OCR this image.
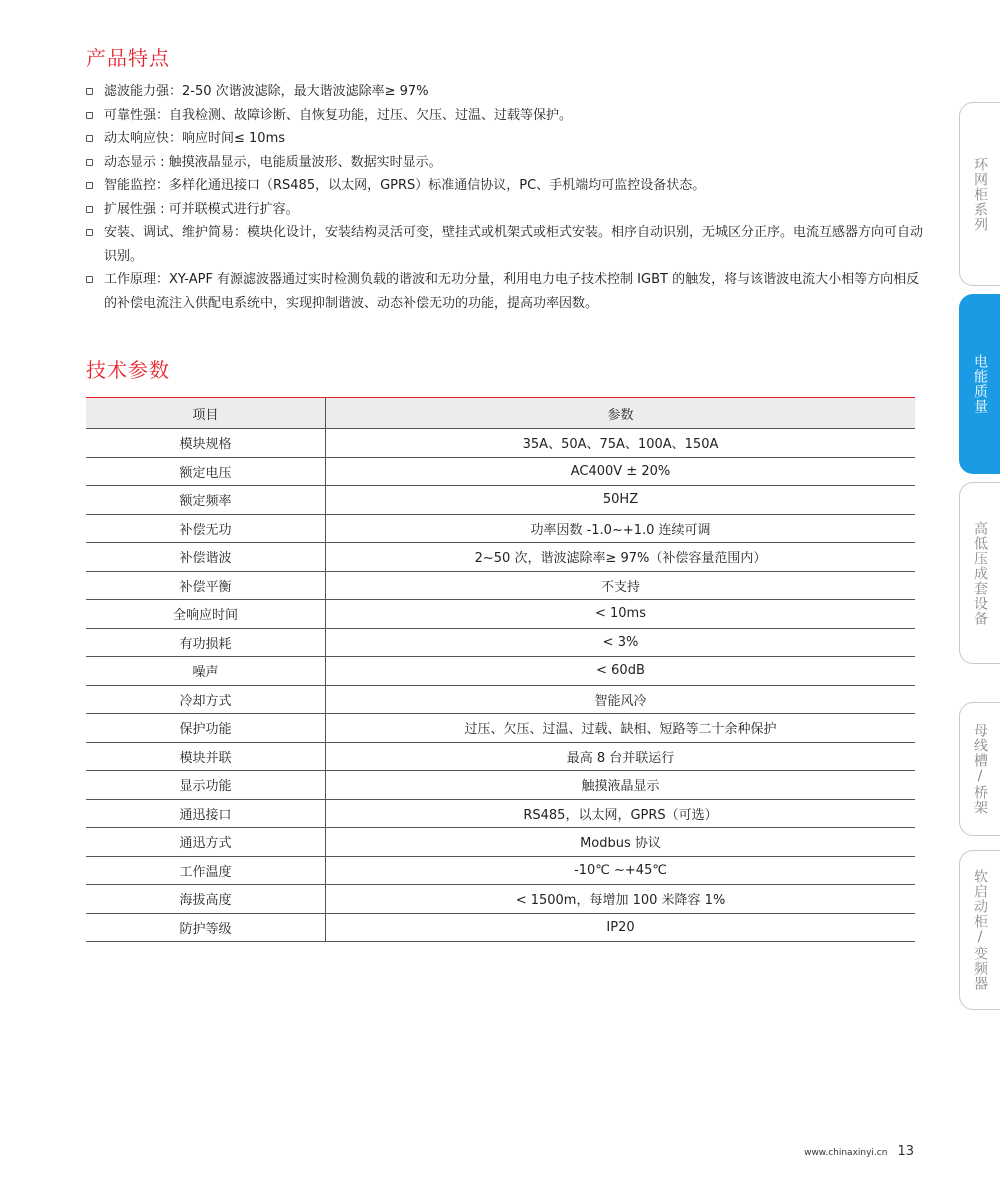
产品特点
滤波能力强：2-50 次谐波滤除，最大谐波滤除率≥ 97%
可靠性强：自我检测、故障诊断、自恢复功能，过压、欠压、过温、过载等保护。
动太响应快：响应时间≤ 10ms
动态显示 : 触摸液晶显示，电能质量波形、数据实时显示。
智能监控：多样化通迅接口（RS485，以太网，GPRS）标准通信协议，PC、手机端均可监控设备状态。
扩展性强 : 可并联模式进行扩容。
安装、调试、维护简易：模块化设计，安装结构灵活可变，壁挂式或机架式或柜式安装。相序自动识别，无城区分正序。电流互感器方向可自动识别。
工作原理：XY-APF 有源滤波器通过实时检测负载的谐波和无功分量，利用电力电子技术控制 IGBT 的触发，将与该谐波电流大小相等方向相反的补偿电流注入供配电系统中，实现抑制谐波、动态补偿无功的功能，提高功率因数。
技术参数
项目	参数
模块规格	35A、50A、75A、100A、150A
额定电压	AC400V ± 20%
额定频率	50HZ
补偿无功	功率因数 -1.0~+1.0 连续可调
补偿谐波	2~50 次，谐波滤除率≥ 97%（补偿容量范围内）
补偿平衡	不支持
全响应时间	< 10ms
有功损耗	< 3%
噪声	< 60dB
冷却方式	智能风冷
保护功能	过压、欠压、过温、过载、缺相、短路等二十余种保护
模块并联	最高 8 台并联运行
显示功能	触摸液晶显示
通迅接口	RS485，以太网，GPRS（可选）
通迅方式	Modbus 协议
工作温度	-10℃ ~+45℃
海拔高度	< 1500m，每增加 100 米降容 1%
防护等级	IP20
环网柜系列
电能质量
高低压成套设备
母线槽/桥架
软启动柜/变频器
www.chinaxinyi.cn 13
